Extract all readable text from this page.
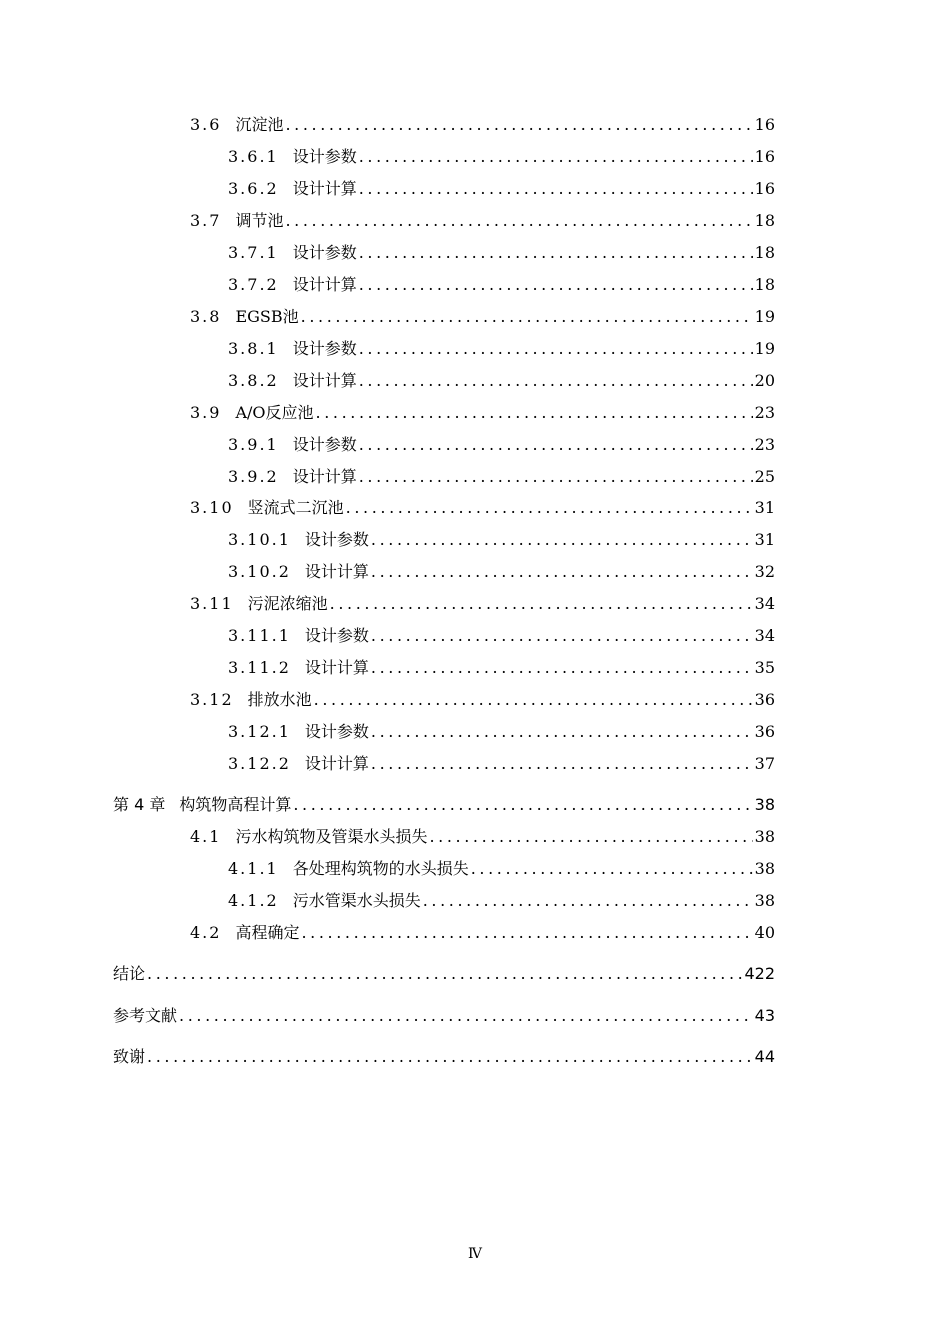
3.6 沉淀池 .....	16
3.6.1 设计参数 .....	16
3.6.2 设计计算 .....	16
3.7 调节池 .....	18
3.7.1 设计参数 .....	18
3.7.2 设计计算 .....	18
3.8 EGSB池 .....	19
3.8.1 设计参数 .....	19
3.8.2 设计计算 .....	20
3.9 A/O反应池 .....	23
3.9.1 设计参数 .....	23
3.9.2 设计计算 .....	25
3.10 竖流式二沉池 .....	31
3.10.1 设计参数 .....	31
3.10.2 设计计算 .....	32
3.11 污泥浓缩池 .....	34
3.11.1 设计参数 .....	34
3.11.2 设计计算 .....	35
3.12 排放水池 .....	36
3.12.1 设计参数 .....	36
3.12.2 设计计算 .....	37
第 4 章 构筑物高程计算 .....	38
4.1 污水构筑物及管渠水头损失 .....	38
4.1.1 各处理构筑物的水头损失 .....	38
4.1.2 污水管渠水头损失 .....	38
4.2 高程确定 .....	40
结论 .....	422
参考文献 .....	43
致谢 .....	44
Ⅳ
